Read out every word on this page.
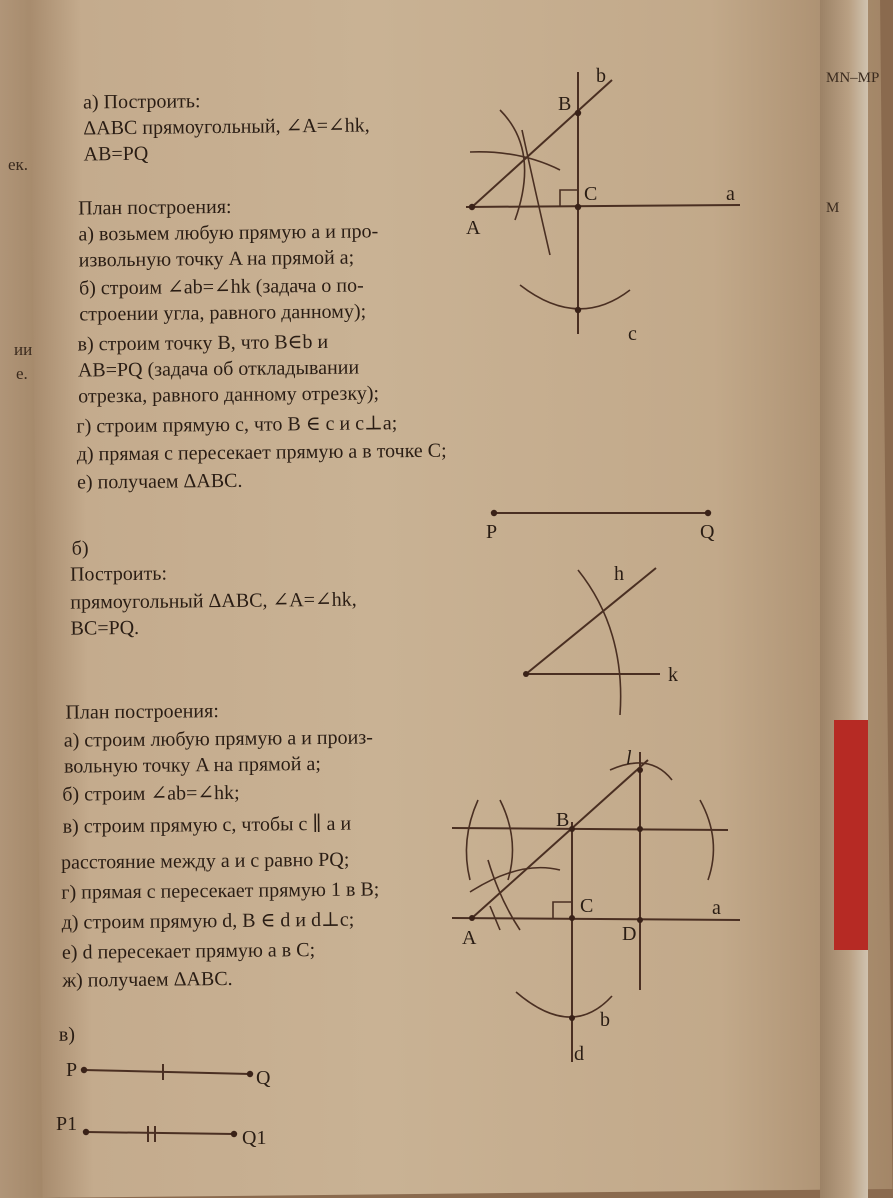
ек.
ии
е.
а) Построить:
ΔABC прямоугольный, ∠A=∠hk,
AB=PQ
План построения:
а) возьмем любую прямую a и про-
извольную точку A на прямой a;
б) строим ∠ab=∠hk (задача о по-
строении угла, равного данному);
в) строим точку B, что B∈b и
AB=PQ (задача об откладывании
отрезка, равного данному отрезку);
г) строим прямую c, что B ∈ c и c⊥a;
д) прямая c пересекает прямую a в точке C;
е) получаем ΔABC.
б)
Построить:
прямоугольный ΔABC, ∠A=∠hk,
BC=PQ.
План построения:
а) строим любую прямую a и произ-
вольную точку A на прямой a;
б) строим ∠ab=∠hk;
в) строим прямую c, чтобы c ∥ a и
расстояние между a и c равно PQ;
г) прямая c пересекает прямую 1 в B;
д) строим прямую d, B ∈ d и d⊥c;
е) d пересекает прямую a в C;
ж) получаем ΔABC.
в)
MN–MP
M
b
B
C	a
A
c
P	Q
h
k
l
B
C	a
A	D
b
d
P	Q
P1
Q1
